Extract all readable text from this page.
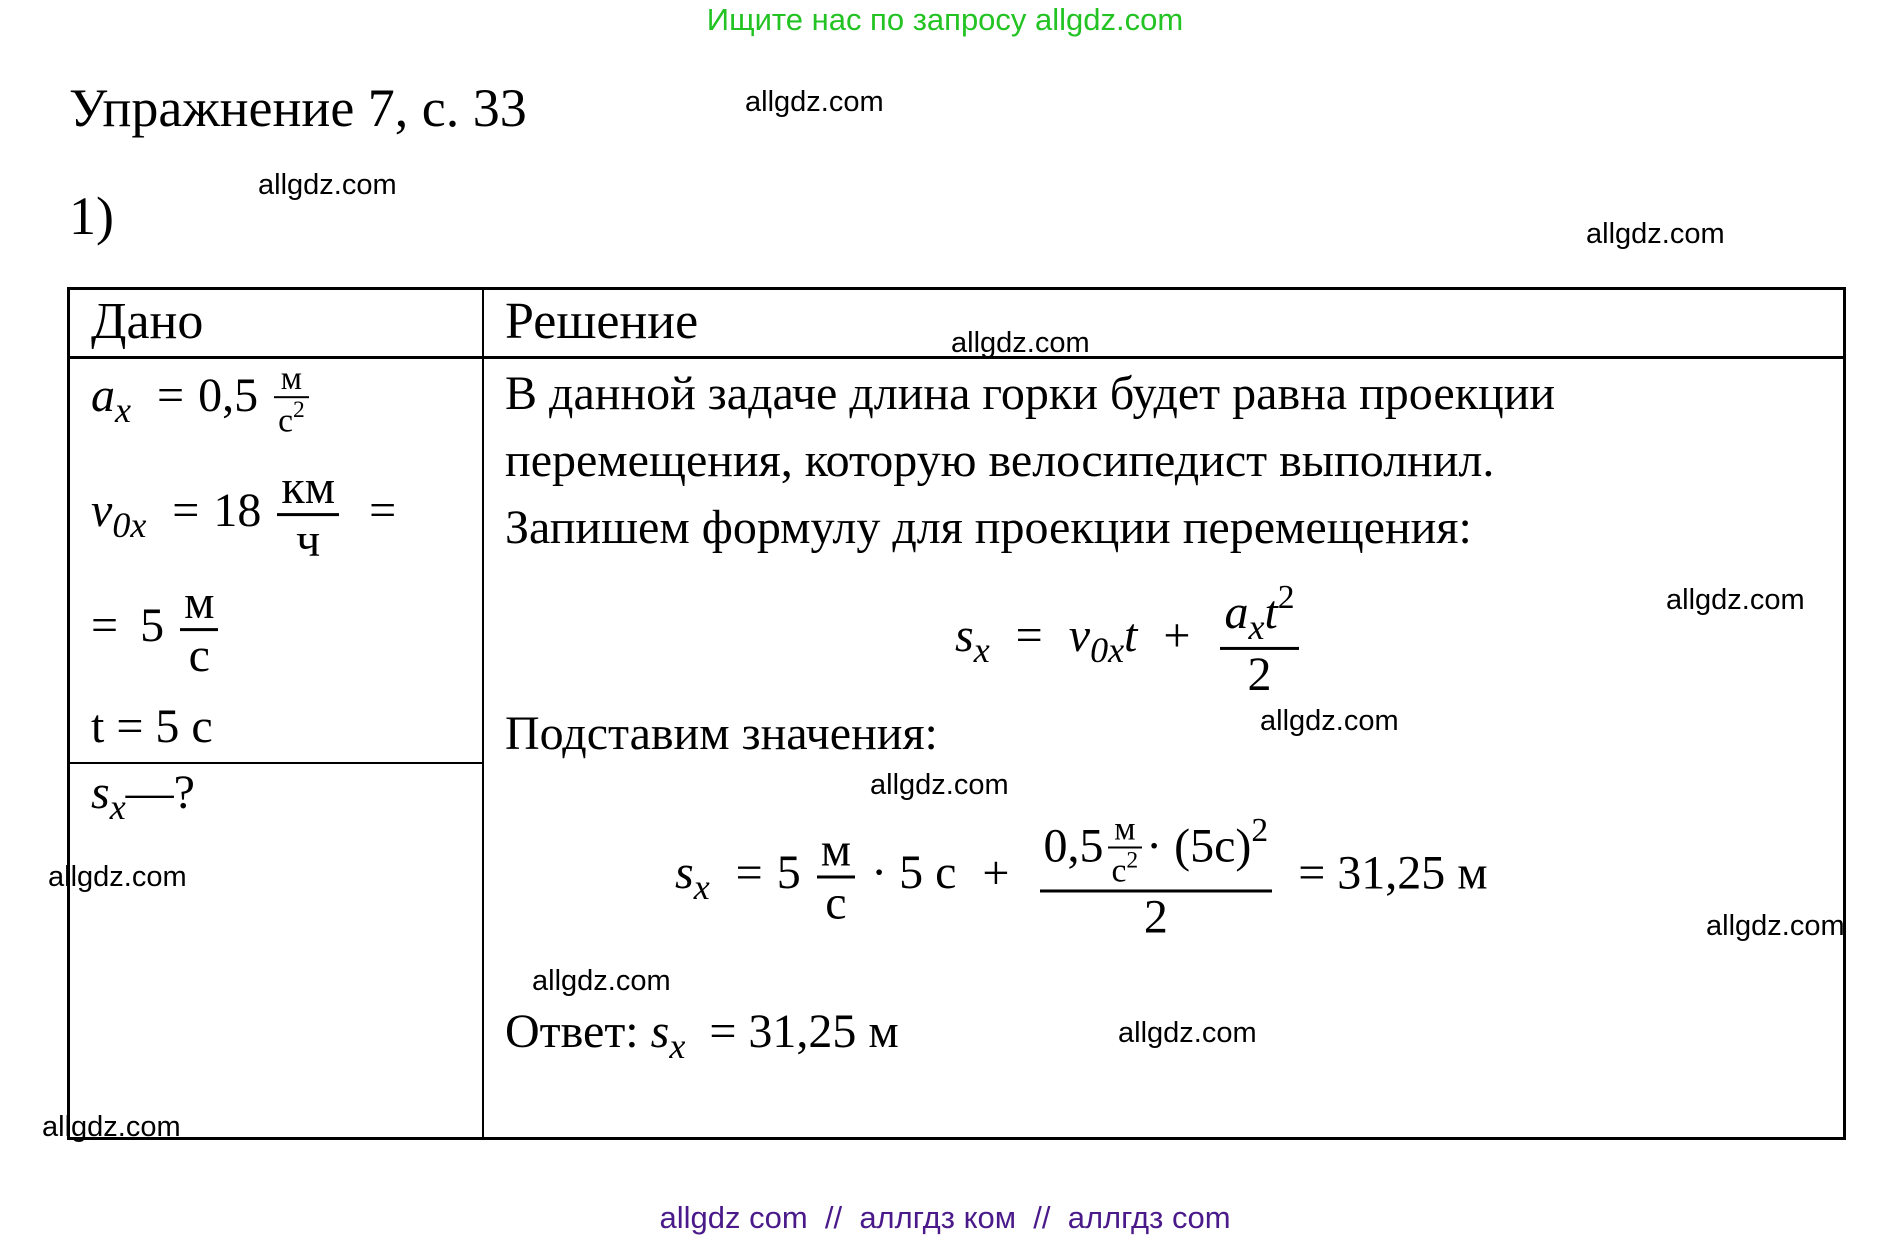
Ищите нас по запросу allgdz.com
Упражнение 7, с. 33
1)
Дано	Решение
$a_x = 0,5 \frac{м}{с^2}$
$v_{0x} = 18 \frac{км}{ч}$ =
= $5 \frac{м}{с}$
t = 5 с
$s_x—$?
В данной задаче длина горки будет равна проекции
перемещения, которую велосипедист выполнил.
Запишем формулу для проекции перемещения:
$s_x = v_{0x}t + \frac{a_xt^2}{2}$
Подставим значения:
$s_x = 5 \frac{м}{с} \cdot 5$ $с + \frac{0,5 \frac{м}{с^2} \cdot (5с)^2}{2} = 31,25$ м
Ответ: $s_x = 31,25$ м
allgdz.com
allgdz.com
allgdz.com
allgdz.com
allgdz.com
allgdz.com
allgdz.com
allgdz.com
allgdz.com
allgdz.com
allgdz.com
allgdz.com
allgdz com  //  аллгдз ком  //  аллгдз com
